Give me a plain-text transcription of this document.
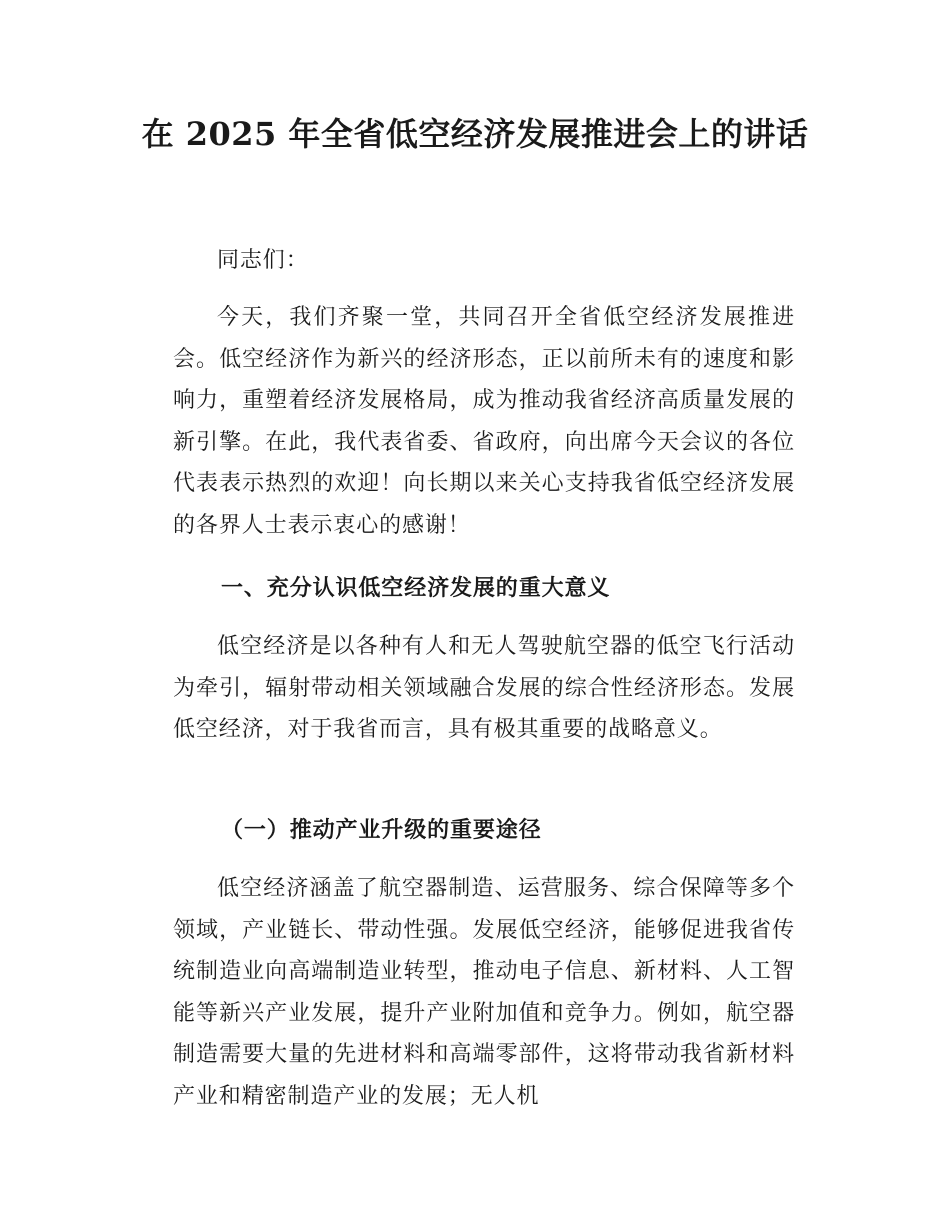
在 2025 年全省低空经济发展推进会上的讲话

同志们：

今天，我们齐聚一堂，共同召开全省低空经济发展推进会。低空经济作为新兴的经济形态，正以前所未有的速度和影响力，重塑着经济发展格局，成为推动我省经济高质量发展的新引擎。在此，我代表省委、省政府，向出席今天会议的各位代表表示热烈的欢迎！向长期以来关心支持我省低空经济发展的各界人士表示衷心的感谢！

一、充分认识低空经济发展的重大意义

低空经济是以各种有人和无人驾驶航空器的低空飞行活动为牵引，辐射带动相关领域融合发展的综合性经济形态。发展低空经济，对于我省而言，具有极其重要的战略意义。

（一）推动产业升级的重要途径

低空经济涵盖了航空器制造、运营服务、综合保障等多个领域，产业链长、带动性强。发展低空经济，能够促进我省传统制造业向高端制造业转型，推动电子信息、新材料、人工智能等新兴产业发展，提升产业附加值和竞争力。例如，航空器制造需要大量的先进材料和高端零部件，这将带动我省新材料产业和精密制造产业的发展；无人机
